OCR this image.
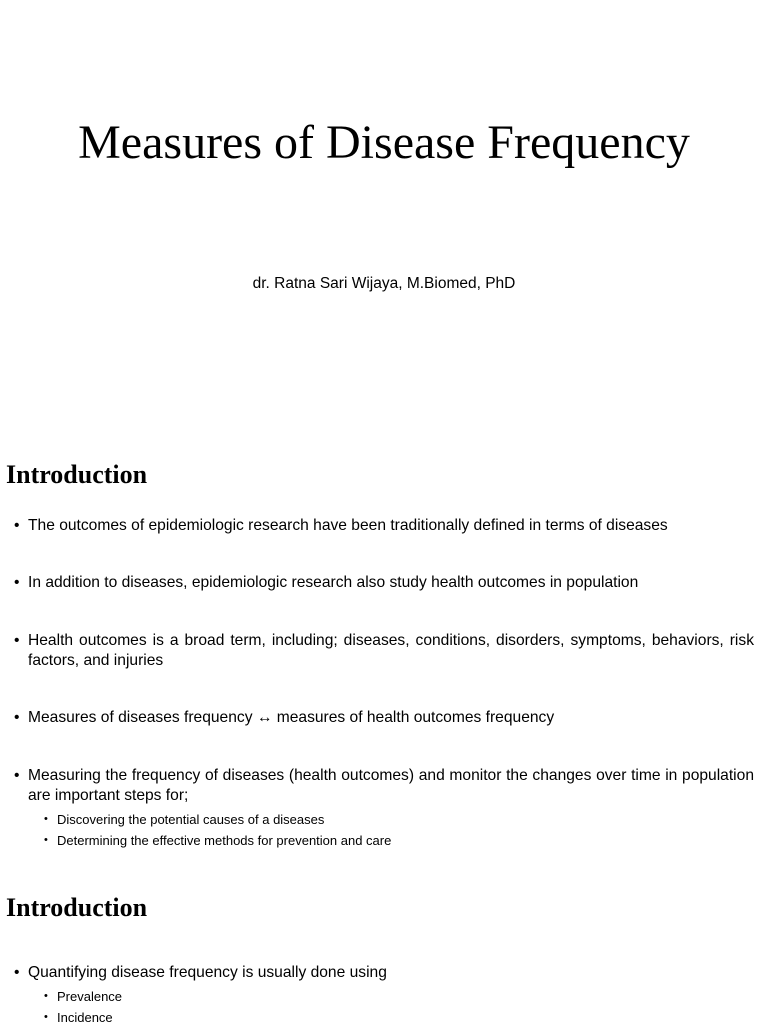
Measures of Disease Frequency
dr. Ratna Sari Wijaya, M.Biomed, PhD
Introduction
• The outcomes of epidemiologic research have been traditionally defined in terms of diseases
• In addition to diseases, epidemiologic research also study health outcomes in population
• Health outcomes is a broad term, including; diseases, conditions, disorders, symptoms, behaviors, risk factors, and injuries
• Measures of diseases frequency ↔ measures of health outcomes frequency
• Measuring the frequency of diseases (health outcomes) and monitor the changes over time in population are important steps for;
• Discovering the potential causes of a diseases
• Determining the effective methods for prevention and care
Introduction
• Quantifying disease frequency is usually done using
• Prevalence
• Incidence
